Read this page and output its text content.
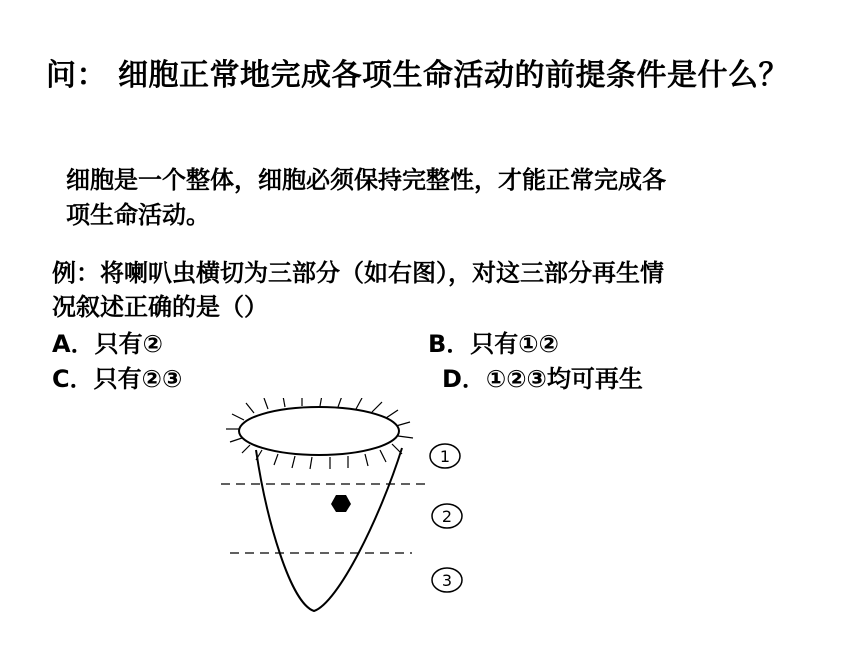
问： 细胞正常地完成各项生命活动的前提条件是什么？
细胞是一个整体，细胞必须保持完整性，才能正常完成各
项生命活动。
例：将喇叭虫横切为三部分（如右图），对这三部分再生情
况叙述正确的是（）
A．只有②	B．只有①②
C．只有②③	D．①②③均可再生
1
2
3
